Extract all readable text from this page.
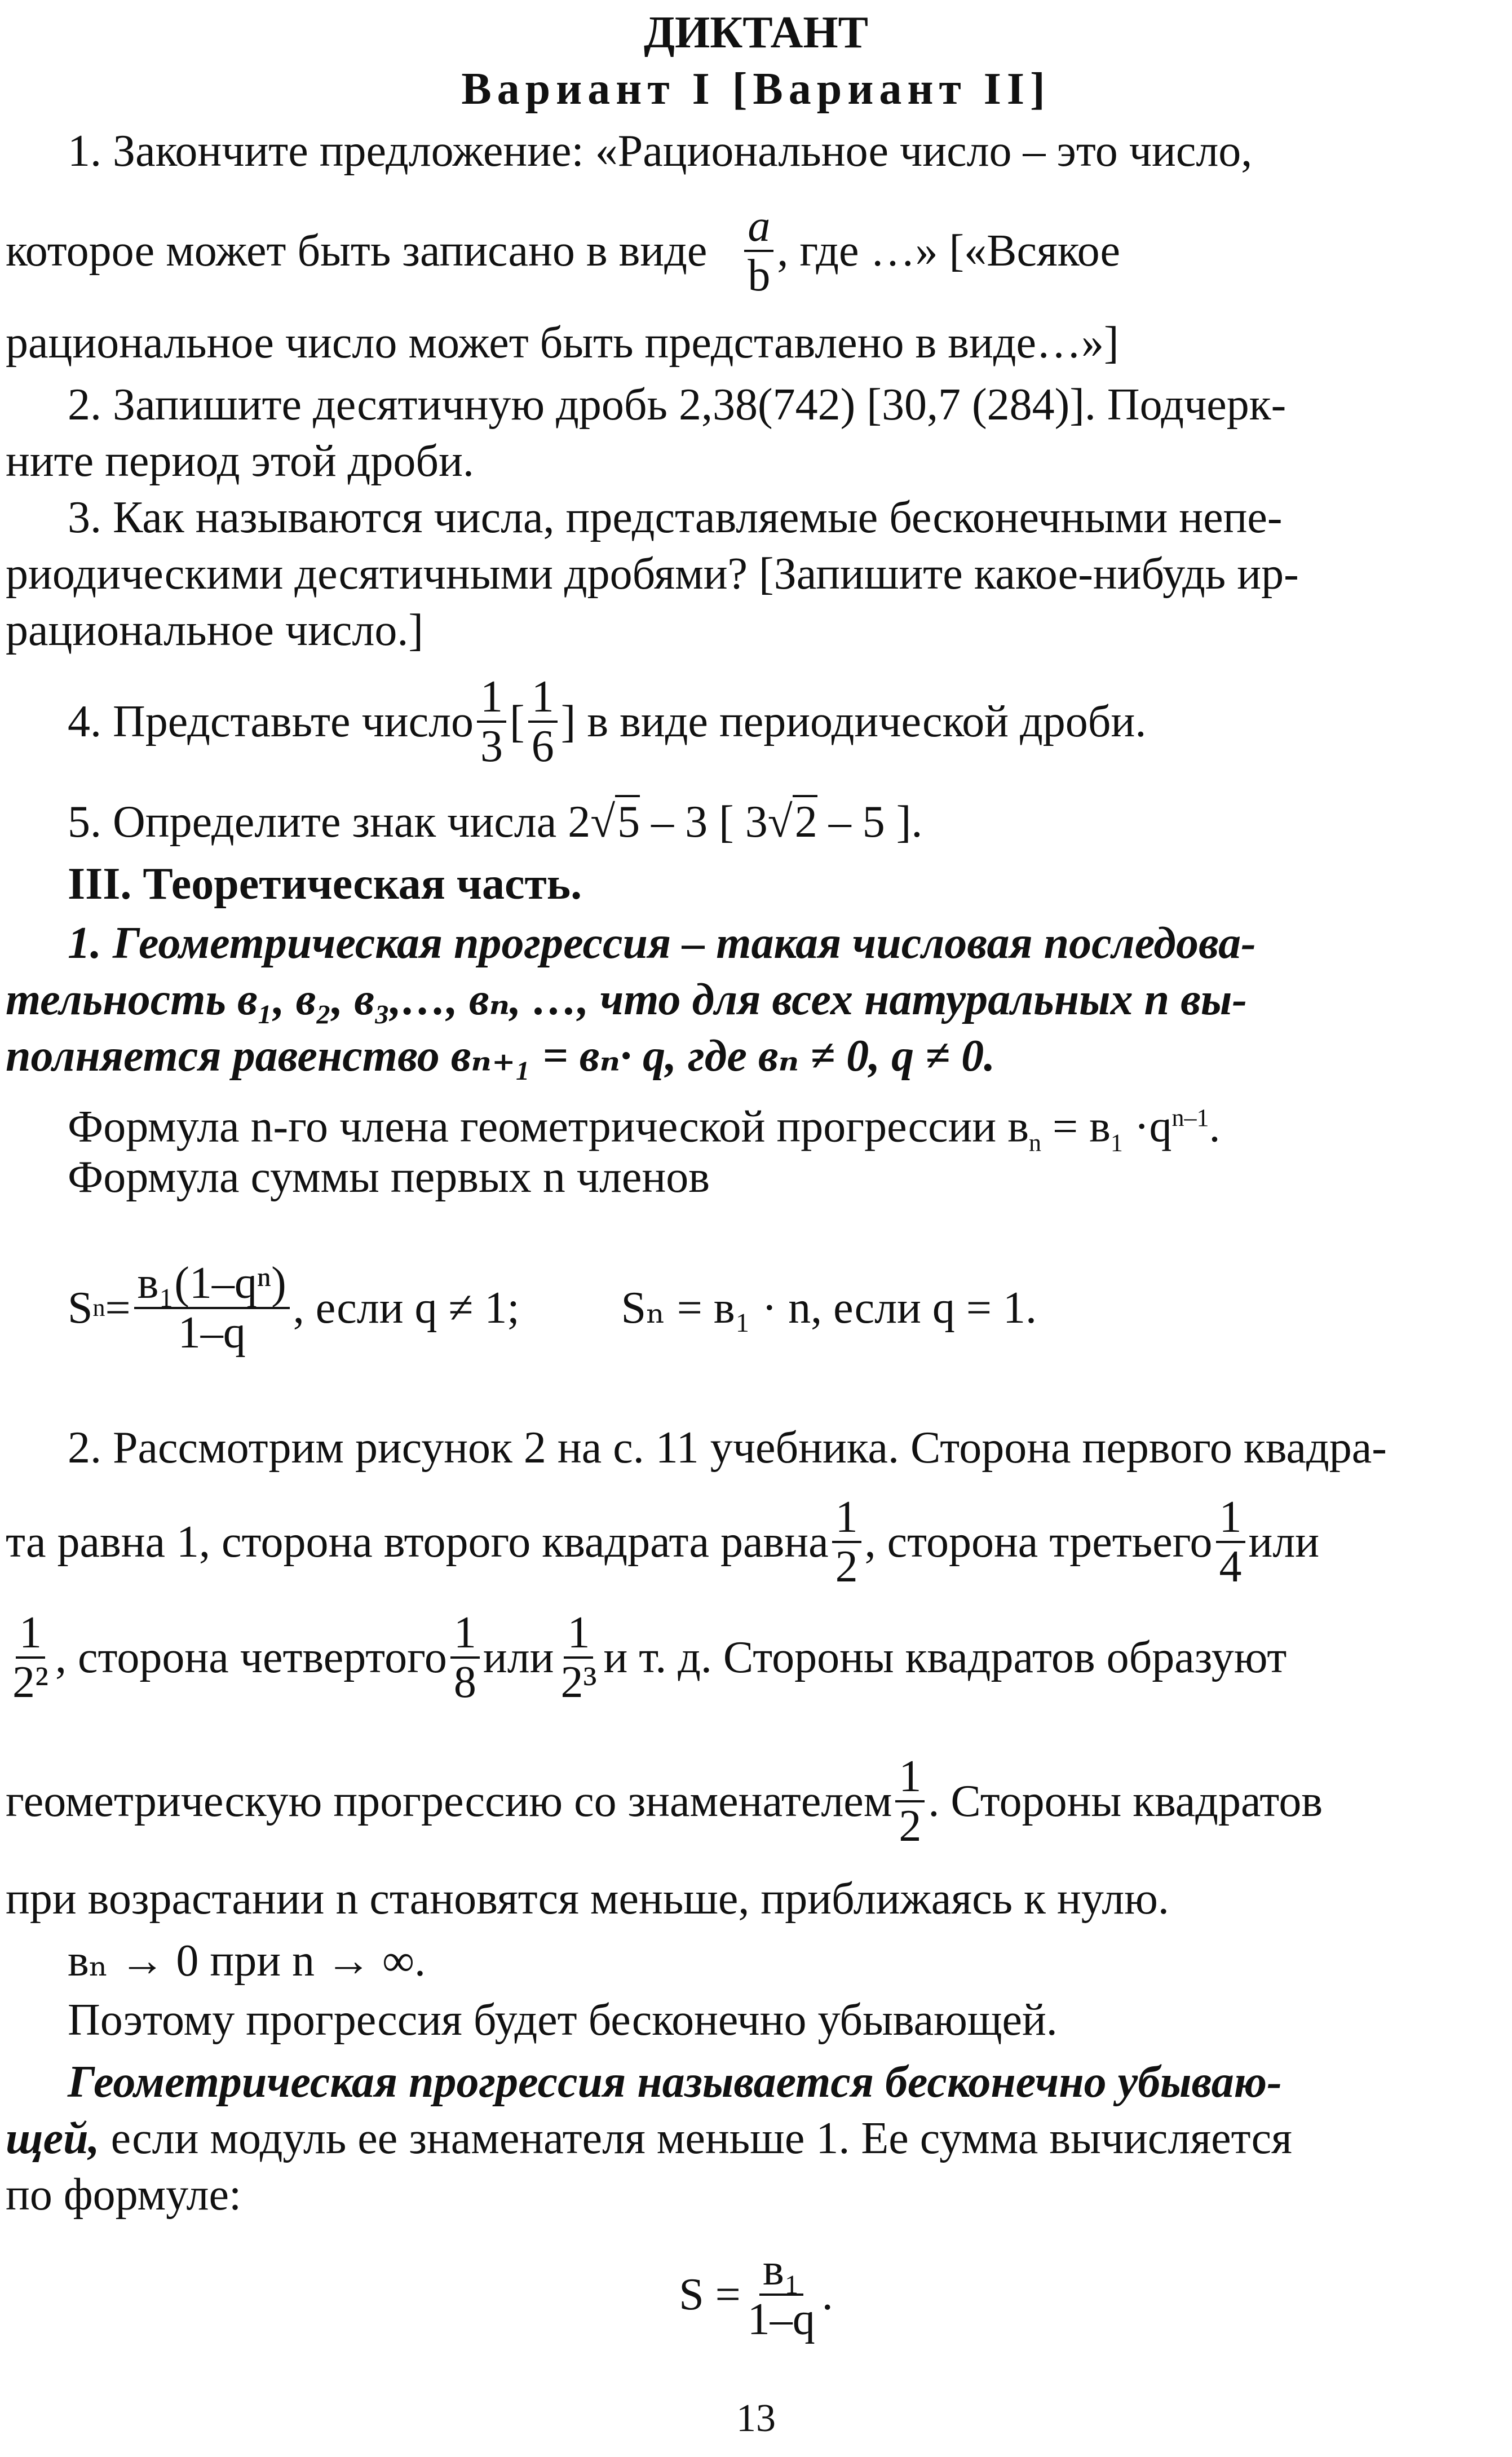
ДИКТАНТ
Вариант I [Вариант II]
1. Закончите предложение: «Рациональное число – это число,
которое может быть записано в виде $\frac{a}{b}$ , где …» [«Всякое
рациональное число может быть представлено в виде…»]
2. Запишите десятичную дробь 2,38(742) [30,7 (284)]. Подчерк-
ните период этой дроби.
3. Как называются числа, представляемые бесконечными непе-
риодическими десятичными дробями? [Запишите какое-нибудь ир-
рациональное число.]
4. Представьте число $\frac{1}{3}$ [ $\frac{1}{6}$ ] в виде периодической дроби.
5. Определите знак числа 2√5 – 3 [ 3√2 – 5 ].
III. Теоретическая часть.
1. Геометрическая прогрессия – такая числовая последова-
тельность в₁, в₂, в₃,…, вₙ, …, что для всех натуральных n вы-
полняется равенство вₙ₊₁ = вₙ· q, где вₙ ≠ 0, q ≠ 0.
Формула n-го члена геометрической прогрессии $в_n = в_1 \cdot q^{n-1}$.
Формула суммы первых n членов
S $n = \frac{\text{в₁(1–qⁿ)}}{1-q}$ , если q ≠ 1; Sₙ = в₁ · n, если q = 1.
2. Рассмотрим рисунок 2 на с. 11 учебника. Сторона первого квадра-
та равна 1, сторона второго квадрата равна $\frac{1}{2}$ , сторона третьего $\frac{1}{4}$ или
$\frac{1}{\text{2²}}$ , сторона четвертого $\frac{1}{8}$ или $\frac{1}{\text{2³}}$ и т. д. Стороны квадратов образуют
геометрическую прогрессию со знаменателем $\frac{1}{2}$ . Стороны квадратов
при возрастании n становятся меньше, приближаясь к нулю.
вₙ → 0 при n → ∞.
Поэтому прогрессия будет бесконечно убывающей.
Геометрическая прогрессия называется бесконечно убываю-
щей, если модуль ее знаменателя меньше 1. Ее сумма вычисляется
по формуле:
$S = \frac{\text{в₁}}{1-q}$ .
13
